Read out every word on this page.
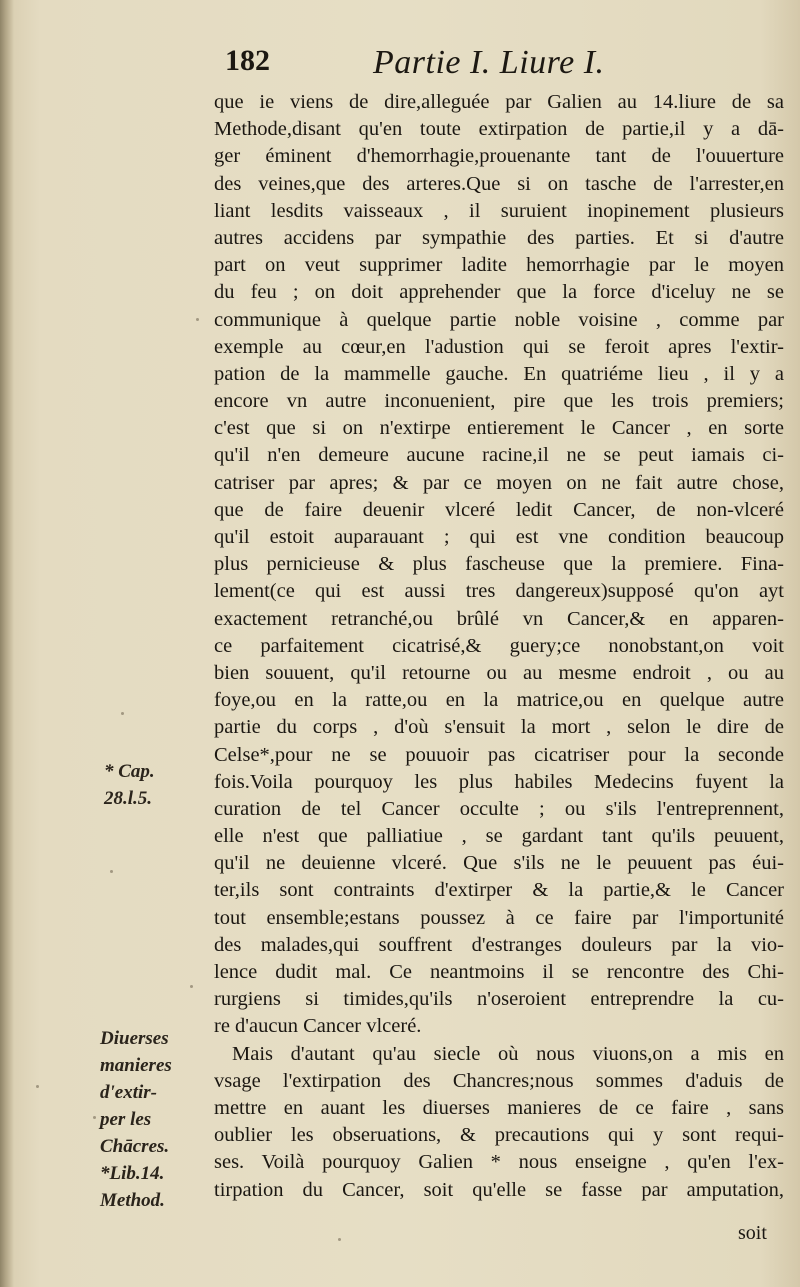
182	Partie I. Liure I.
que ie viens de dire,alleguée par Galien au 14.liure de sa
Methode,disant qu'en toute extirpation de partie,il y a dā-
ger éminent d'hemorrhagie,prouenante tant de l'ouuerture
des veines,que des arteres.Que si on tasche de l'arrester,en
liant lesdits vaisseaux , il suruient inopinement plusieurs
autres accidens par sympathie des parties. Et si d'autre
part on veut supprimer ladite hemorrhagie par le moyen
du feu ; on doit apprehender que la force d'iceluy ne se
communique à quelque partie noble voisine , comme par
exemple au cœur,en l'adustion qui se feroit apres l'extir-
pation de la mammelle gauche. En quatriéme lieu , il y a
encore vn autre inconuenient, pire que les trois premiers;
c'est que si on n'extirpe entierement le Cancer , en sorte
qu'il n'en demeure aucune racine,il ne se peut iamais ci-
catriser par apres; & par ce moyen on ne fait autre chose,
que de faire deuenir vlceré ledit Cancer, de non-vlceré
qu'il estoit auparauant ; qui est vne condition beaucoup
plus pernicieuse & plus fascheuse que la premiere. Fina-
lement(ce qui est aussi tres dangereux)supposé qu'on ayt
exactement retranché,ou brûlé vn Cancer,& en apparen-
ce parfaitement cicatrisé,& guery;ce nonobstant,on voit
bien souuent, qu'il retourne ou au mesme endroit , ou au
foye,ou en la ratte,ou en la matrice,ou en quelque autre
partie du corps , d'où s'ensuit la mort , selon le dire de
Celse*,pour ne se pouuoir pas cicatriser pour la seconde
fois.Voila pourquoy les plus habiles Medecins fuyent la
curation de tel Cancer occulte ; ou s'ils l'entreprennent,
elle n'est que palliatiue , se gardant tant qu'ils peuuent,
qu'il ne deuienne vlceré. Que s'ils ne le peuuent pas éui-
ter,ils sont contraints d'extirper & la partie,& le Cancer
tout ensemble;estans poussez à ce faire par l'importunité
des malades,qui souffrent d'estranges douleurs par la vio-
lence dudit mal. Ce neantmoins il se rencontre des Chi-
rurgiens si timides,qu'ils n'oseroient entreprendre la cu-
re d'aucun Cancer vlceré.
Mais d'autant qu'au siecle où nous viuons,on a mis en
vsage l'extirpation des Chancres;nous sommes d'aduis de
mettre en auant les diuerses manieres de ce faire , sans
oublier les obseruations, & precautions qui y sont requi-
ses. Voilà pourquoy Galien * nous enseigne , qu'en l'ex-
tirpation du Cancer, soit qu'elle se fasse par amputation,
soit
* Cap.
28.l.5.
Diuerses
manieres
d'extir-
per les
Chācres.
*Lib.14.
Method.
